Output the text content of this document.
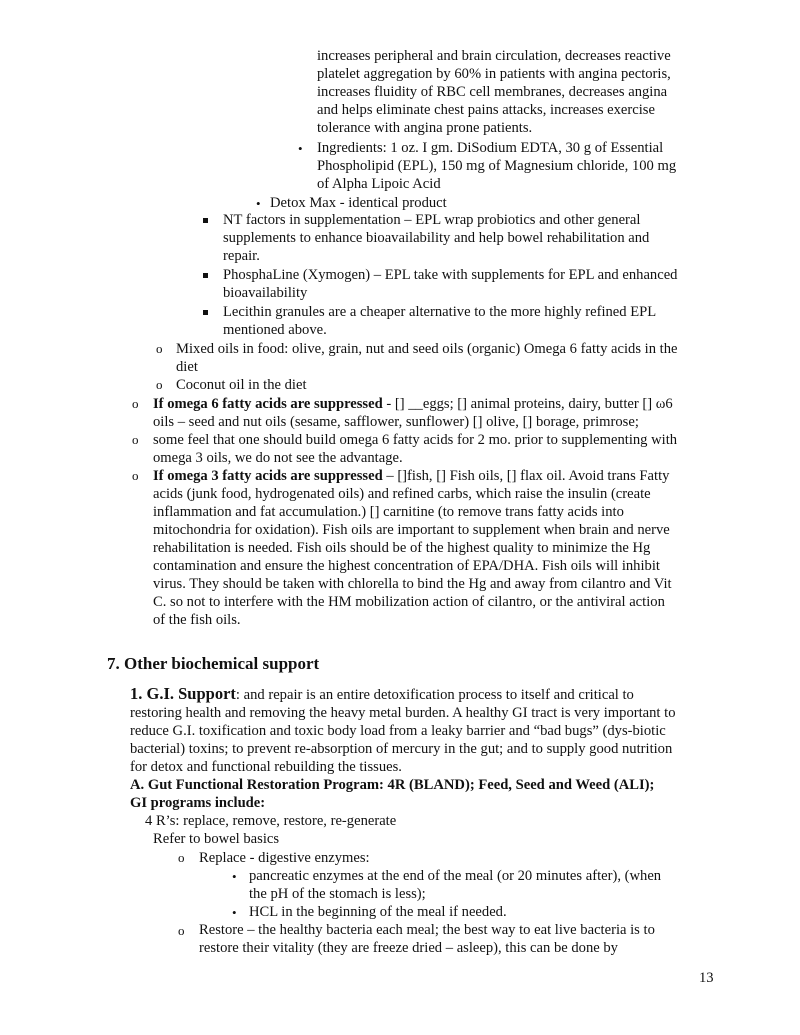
increases peripheral and brain circulation, decreases reactive
platelet aggregation by 60% in patients with angina pectoris,
increases fluidity of RBC cell membranes, decreases angina
and helps eliminate chest pains attacks, increases exercise
tolerance with angina prone patients.
•
Ingredients: 1 oz. I gm. DiSodium EDTA, 30 g of Essential
Phospholipid (EPL), 150 mg of Magnesium chloride, 100 mg
of Alpha Lipoic Acid
•
Detox Max - identical product
NT factors in supplementation – EPL wrap probiotics and other general
supplements to enhance bioavailability and help bowel rehabilitation and
repair.
PhosphaLine (Xymogen) – EPL take with supplements for EPL and enhanced
bioavailability
Lecithin granules are a cheaper alternative to the more highly refined EPL
mentioned above.
o Mixed oils in food: olive, grain, nut and seed oils (organic) Omega 6 fatty acids in the
diet
o Coconut oil in the diet
o If omega 6 fatty acids are suppressed - [] __eggs; [] animal proteins, dairy, butter [] ω6
oils – seed and nut oils (sesame, safflower, sunflower) [] olive, [] borage, primrose;
o some feel that one should build omega 6 fatty acids for 2 mo. prior to supplementing with
omega 3 oils, we do not see the advantage.
o If omega 3 fatty acids are suppressed – []fish, [] Fish oils, [] flax oil. Avoid trans Fatty
acids (junk food, hydrogenated oils) and refined carbs, which raise the insulin (create
inflammation and fat accumulation.) [] carnitine (to remove trans fatty acids into
mitochondria for oxidation). Fish oils are important to supplement when brain and nerve
rehabilitation is needed. Fish oils should be of the highest quality to minimize the Hg
contamination and ensure the highest concentration of EPA/DHA. Fish oils will inhibit
virus. They should be taken with chlorella to bind the Hg and away from cilantro and Vit
C. so not to interfere with the HM mobilization action of cilantro, or the antiviral action
of the fish oils.
7. Other biochemical support
1. G.I. Support: and repair is an entire detoxification process to itself and critical to
restoring health and removing the heavy metal burden. A healthy GI tract is very important to
reduce G.I. toxification and toxic body load from a leaky barrier and “bad bugs” (dys-biotic
bacterial) toxins; to prevent re-absorption of mercury in the gut; and to supply good nutrition
for detox and functional rebuilding the tissues.
A. Gut Functional Restoration Program: 4R (BLAND); Feed, Seed and Weed (ALI);
GI programs include:
4 R’s: replace, remove, restore, re-generate
Refer to bowel basics
o Replace - digestive enzymes:
•
pancreatic enzymes at the end of the meal (or 20 minutes after), (when
the pH of the stomach is less);
•
HCL in the beginning of the meal if needed.
o Restore – the healthy bacteria each meal; the best way to eat live bacteria is to
restore their vitality (they are freeze dried – asleep), this can be done by
13
